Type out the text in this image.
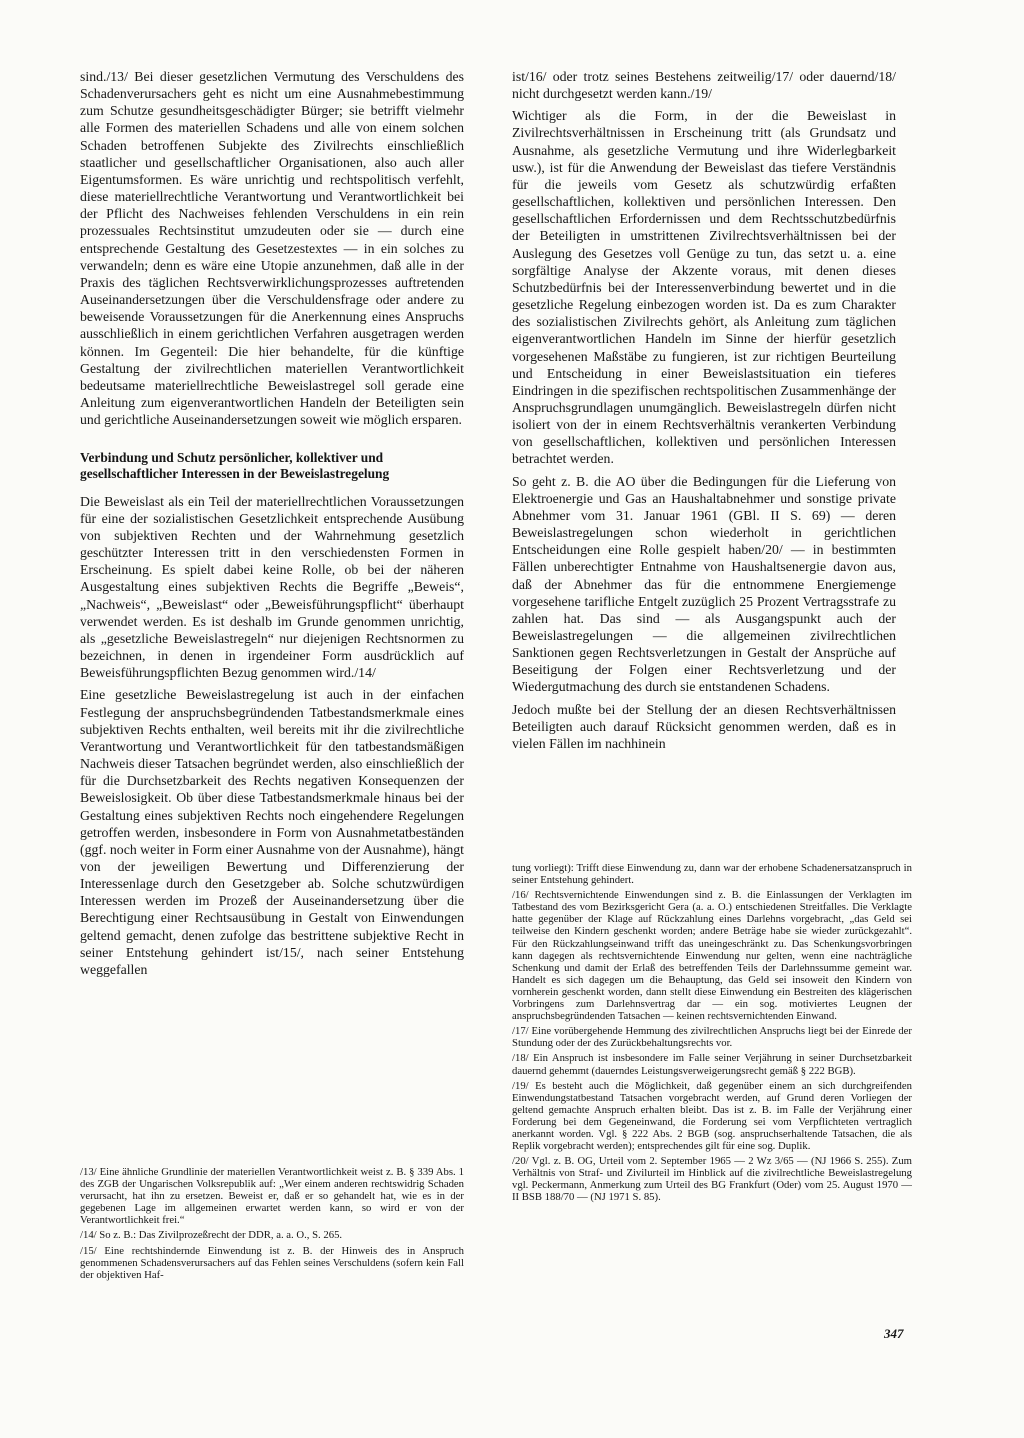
sind./13/ Bei dieser gesetzlichen Vermutung des Verschuldens des Schadenverursachers geht es nicht um eine Ausnahmebestimmung zum Schutze gesundheitsgeschädigter Bürger; sie betrifft vielmehr alle Formen des materiellen Schadens und alle von einem solchen Schaden betroffenen Subjekte des Zivilrechts einschließlich staatlicher und gesellschaftlicher Organisationen, also auch aller Eigentumsformen. Es wäre unrichtig und rechtspolitisch verfehlt, diese materiellrechtliche Verantwortung und Verantwortlichkeit bei der Pflicht des Nachweises fehlenden Verschuldens in ein rein prozessuales Rechtsinstitut umzudeuten oder sie — durch eine entsprechende Gestaltung des Gesetzestextes — in ein solches zu verwandeln; denn es wäre eine Utopie anzunehmen, daß alle in der Praxis des täglichen Rechtsverwirklichungsprozesses auftretenden Auseinandersetzungen über die Verschuldensfrage oder andere zu beweisende Voraussetzungen für die Anerkennung eines Anspruchs ausschließlich in einem gerichtlichen Verfahren ausgetragen werden können. Im Gegenteil: Die hier behandelte, für die künftige Gestaltung der zivilrechtlichen materiellen Verantwortlichkeit bedeutsame materiellrechtliche Beweislastregel soll gerade eine Anleitung zum eigenverantwortlichen Handeln der Beteiligten sein und gerichtliche Auseinandersetzungen soweit wie möglich ersparen.

Verbindung und Schutz persönlicher, kollektiver und gesellschaftlicher Interessen in der Beweislastregelung

Die Beweislast als ein Teil der materiellrechtlichen Voraussetzungen für eine der sozialistischen Gesetzlichkeit entsprechende Ausübung von subjektiven Rechten und der Wahrnehmung gesetzlich geschützter Interessen tritt in den verschiedensten Formen in Erscheinung. Es spielt dabei keine Rolle, ob bei der näheren Ausgestaltung eines subjektiven Rechts die Begriffe „Beweis“, „Nachweis“, „Beweislast“ oder „Beweisführungspflicht“ überhaupt verwendet werden. Es ist deshalb im Grunde genommen unrichtig, als „gesetzliche Beweislastregeln“ nur diejenigen Rechtsnormen zu bezeichnen, in denen in irgendeiner Form ausdrücklich auf Beweisführungspflichten Bezug genommen wird./14/

Eine gesetzliche Beweislastregelung ist auch in der einfachen Festlegung der anspruchsbegründenden Tatbestandsmerkmale eines subjektiven Rechts enthalten, weil bereits mit ihr die zivilrechtliche Verantwortung und Verantwortlichkeit für den tatbestandsmäßigen Nachweis dieser Tatsachen begründet werden, also einschließlich der für die Durchsetzbarkeit des Rechts negativen Konsequenzen der Beweislosigkeit. Ob über diese Tatbestandsmerkmale hinaus bei der Gestaltung eines subjektiven Rechts noch eingehendere Regelungen getroffen werden, insbesondere in Form von Ausnahmetatbeständen (ggf. noch weiter in Form einer Ausnahme von der Ausnahme), hängt von der jeweiligen Bewertung und Differenzierung der Interessenlage durch den Gesetzgeber ab. Solche schutzwürdigen Interessen werden im Prozeß der Auseinandersetzung über die Berechtigung einer Rechtsausübung in Gestalt von Einwendungen geltend gemacht, denen zufolge das bestrittene subjektive Recht in seiner Entstehung gehindert ist/15/, nach seiner Entstehung weggefallen

ist/16/ oder trotz seines Bestehens zeitweilig/17/ oder dauernd/18/ nicht durchgesetzt werden kann./19/

Wichtiger als die Form, in der die Beweislast in Zivilrechtsverhältnissen in Erscheinung tritt (als Grundsatz und Ausnahme, als gesetzliche Vermutung und ihre Widerlegbarkeit usw.), ist für die Anwendung der Beweislast das tiefere Verständnis für die jeweils vom Gesetz als schutzwürdig erfaßten gesellschaftlichen, kollektiven und persönlichen Interessen. Den gesellschaftlichen Erfordernissen und dem Rechtsschutzbedürfnis der Beteiligten in umstrittenen Zivilrechtsverhältnissen bei der Auslegung des Gesetzes voll Genüge zu tun, das setzt u. a. eine sorgfältige Analyse der Akzente voraus, mit denen dieses Schutzbedürfnis bei der Interessenverbindung bewertet und in die gesetzliche Regelung einbezogen worden ist. Da es zum Charakter des sozialistischen Zivilrechts gehört, als Anleitung zum täglichen eigenverantwortlichen Handeln im Sinne der hierfür gesetzlich vorgesehenen Maßstäbe zu fungieren, ist zur richtigen Beurteilung und Entscheidung in einer Beweislastsituation ein tieferes Eindringen in die spezifischen rechtspolitischen Zusammenhänge der Anspruchsgrundlagen unumgänglich. Beweislastregeln dürfen nicht isoliert von der in einem Rechtsverhältnis verankerten Verbindung von gesellschaftlichen, kollektiven und persönlichen Interessen betrachtet werden.

So geht z. B. die AO über die Bedingungen für die Lieferung von Elektroenergie und Gas an Haushaltabnehmer und sonstige private Abnehmer vom 31. Januar 1961 (GBl. II S. 69) — deren Beweislastregelungen schon wiederholt in gerichtlichen Entscheidungen eine Rolle gespielt haben/20/ — in bestimmten Fällen unberechtigter Entnahme von Haushaltsenergie davon aus, daß der Abnehmer das für die entnommene Energiemenge vorgesehene tarifliche Entgelt zuzüglich 25 Prozent Vertragsstrafe zu zahlen hat. Das sind — als Ausgangspunkt auch der Beweislastregelungen — die allgemeinen zivilrechtlichen Sanktionen gegen Rechtsverletzungen in Gestalt der Ansprüche auf Beseitigung der Folgen einer Rechtsverletzung und der Wiedergutmachung des durch sie entstandenen Schadens.

Jedoch mußte bei der Stellung der an diesen Rechtsverhältnissen Beteiligten auch darauf Rücksicht genommen werden, daß es in vielen Fällen im nachhinein

/13/ Eine ähnliche Grundlinie der materiellen Verantwortlichkeit weist z. B. § 339 Abs. 1 des ZGB der Ungarischen Volksrepublik auf: „Wer einem anderen rechtswidrig Schaden verursacht, hat ihn zu ersetzen. Beweist er, daß er so gehandelt hat, wie es in der gegebenen Lage im allgemeinen erwartet werden kann, so wird er von der Verantwortlichkeit frei.“

/14/ So z. B.: Das Zivilprozeßrecht der DDR, a. a. O., S. 265.

/15/ Eine rechtshindernde Einwendung ist z. B. der Hinweis des in Anspruch genommenen Schadensverursachers auf das Fehlen seines Verschuldens (sofern kein Fall der objektiven Haf-

tung vorliegt): Trifft diese Einwendung zu, dann war der erhobene Schadenersatzanspruch in seiner Entstehung gehindert.

/16/ Rechtsvernichtende Einwendungen sind z. B. die Einlassungen der Verklagten im Tatbestand des vom Bezirksgericht Gera (a. a. O.) entschiedenen Streitfalles. Die Verklagte hatte gegenüber der Klage auf Rückzahlung eines Darlehns vorgebracht, „das Geld sei teilweise den Kindern geschenkt worden; andere Beträge habe sie wieder zurückgezahlt“. Für den Rückzahlungseinwand trifft das uneingeschränkt zu. Das Schenkungsvorbringen kann dagegen als rechtsvernichtende Einwendung nur gelten, wenn eine nachträgliche Schenkung und damit der Erlaß des betreffenden Teils der Darlehnssumme gemeint war. Handelt es sich dagegen um die Behauptung, das Geld sei insoweit den Kindern von vornherein geschenkt worden, dann stellt diese Einwendung ein Bestreiten des klägerischen Vorbringens zum Darlehnsvertrag dar — ein sog. motiviertes Leugnen der anspruchsbegründenden Tatsachen — keinen rechtsvernichtenden Einwand.

/17/ Eine vorübergehende Hemmung des zivilrechtlichen Anspruchs liegt bei der Einrede der Stundung oder der des Zurückbehaltungsrechts vor.

/18/ Ein Anspruch ist insbesondere im Falle seiner Verjährung in seiner Durchsetzbarkeit dauernd gehemmt (dauerndes Leistungsverweigerungsrecht gemäß § 222 BGB).

/19/ Es besteht auch die Möglichkeit, daß gegenüber einem an sich durchgreifenden Einwendungstatbestand Tatsachen vorgebracht werden, auf Grund deren Vorliegen der geltend gemachte Anspruch erhalten bleibt. Das ist z. B. im Falle der Verjährung einer Forderung bei dem Gegeneinwand, die Forderung sei vom Verpflichteten vertraglich anerkannt worden. Vgl. § 222 Abs. 2 BGB (sog. anspruchserhaltende Tatsachen, die als Replik vorgebracht werden); entsprechendes gilt für eine sog. Duplik.

/20/ Vgl. z. B. OG, Urteil vom 2. September 1965 — 2 Wz 3/65 — (NJ 1966 S. 255). Zum Verhältnis von Straf- und Zivilurteil im Hinblick auf die zivilrechtliche Beweislastregelung vgl. Peckermann, Anmerkung zum Urteil des BG Frankfurt (Oder) vom 25. August 1970 — II BSB 188/70 — (NJ 1971 S. 85).

347
